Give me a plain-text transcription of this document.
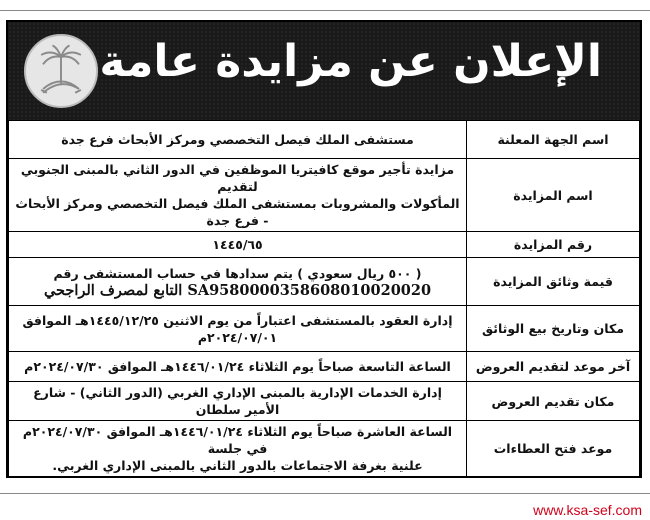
الإعلان عن مزايدة عامة
اسم الجهة المعلنة	مستشفى الملك فيصل التخصصي ومركز الأبحاث فرع جدة

اسم المزايدة	مزايدة تأجير موقع كافيتريا الموظفين في الدور الثاني بالمبنى الجنوبي لتقديم
المأكولات والمشروبات بمستشفى الملك فيصل التخصصي ومركز الأبحاث - فرع جدة

رقم المزايدة	١٤٤٥/٦٥

قيمة وثائق المزايدة	( ٥٠٠ ريال سعودي ) يتم سدادها في حساب المستشفى رقم
SA9580000358608010020020 التابع لمصرف الراجحي

مكان وتاريخ بيع الوثائق	إدارة العقود بالمستشفى اعتباراً من يوم الاثنين ١٤٤٥/١٢/٢٥هـ الموافق ٢٠٢٤/٠٧/٠١م

آخر موعد لتقديم العروض	الساعة التاسعة صباحاً يوم الثلاثاء ١٤٤٦/٠١/٢٤هـ الموافق ٢٠٢٤/٠٧/٣٠م

مكان تقديم العروض	إدارة الخدمات الإدارية بالمبنى الإداري الغربي (الدور الثاني) - شارع الأمير سلطان

موعد فتح العطاءات	الساعة العاشرة صباحاً يوم الثلاثاء ١٤٤٦/٠١/٢٤هـ الموافق ٢٠٢٤/٠٧/٣٠م في جلسة
علنية بغرفة الاجتماعات بالدور الثاني بالمبنى الإداري الغربي.
www.ksa-sef.com
